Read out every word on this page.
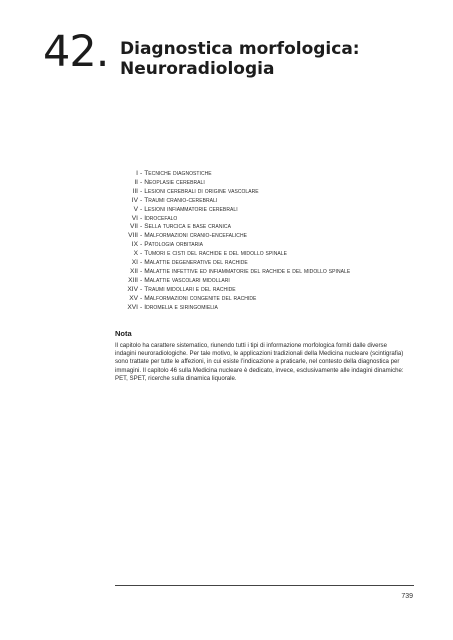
42. Diagnostica morfologica:
Neuroradiologia
I - Tecniche diagnostiche
II - Neoplasie cerebrali
III - Lesioni cerebrali di origine vascolare
IV - Traumi cranio-cerebrali
V - Lesioni infiammatorie cerebrali
VI - Idrocefalo
VII - Sella turcica e base cranica
VIII - Malformazioni cranio-encefaliche
IX - Patologia orbitaria
X - Tumori e cisti del rachide e del midollo spinale
XI - Malattie degenerative del rachide
XII - Malattie infettive ed infiammatorie del rachide e del midollo spinale
XIII - Malattie vascolari midollari
XIV - Traumi midollari e del rachide
XV - Malformazioni congenite del rachide
XVI - Idromelia e siringomielia
Nota
Il capitolo ha carattere sistematico, riunendo tutti i tipi di informazione morfologica forniti dalle diverse indagini neuroradiologiche. Per tale motivo, le applicazioni tradizionali della Medicina nucleare (scintigrafia) sono trattate per tutte le affezioni, in cui esiste l’indicazione a praticarle, nel contesto della diagnostica per immagini. Il capitolo 46 sulla Medicina nucleare è dedicato, invece, esclusivamente alle indagini dinamiche: PET, SPET, ricerche sulla dinamica liquorale.
739
